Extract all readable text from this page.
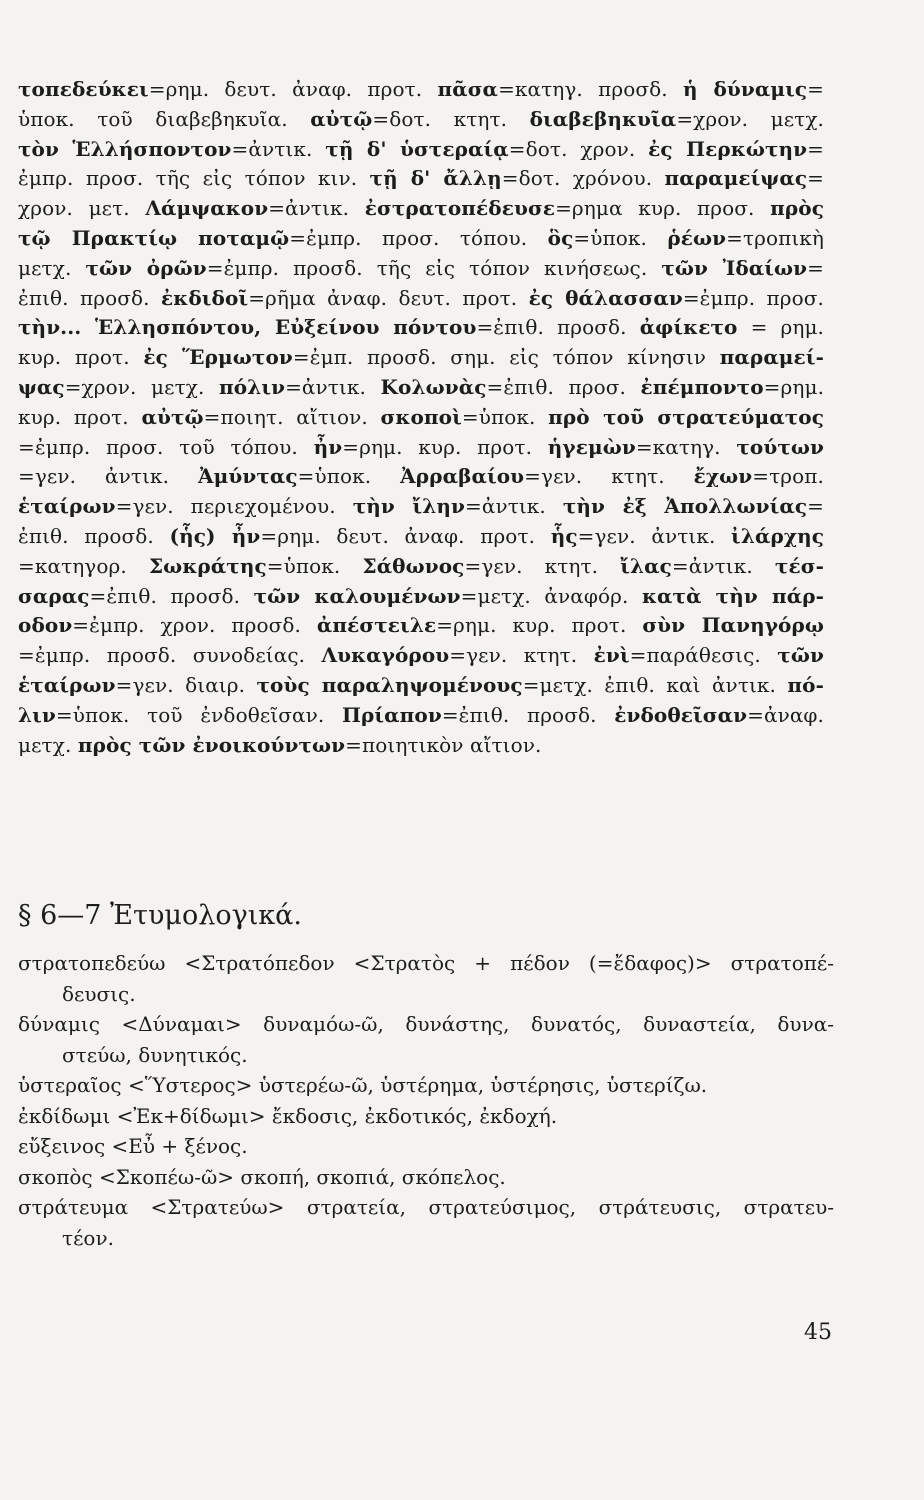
τοπεδεύκει=ρημ. δευτ. ἀναφ. προτ. πᾶσα=κατηγ. προσδ. ἡ δύναμις=
ὑποκ. τοῦ διαβεβηκυῖα. αὐτῷ=δοτ. κτητ. διαβεβηκυῖα=χρον. μετχ.
τὸν Ἑλλήσποντον=ἀντικ. τῇ δ' ὑστεραίᾳ=δοτ. χρον. ἐς Περκώτην=
ἐμπρ. προσ. τῆς εἰς τόπον κιν. τῇ δ' ἄλλῃ=δοτ. χρόνου. παραμείψας=
χρον. μετ. Λάμψακον=ἀντικ. ἐστρατοπέδευσε=ρημα κυρ. προσ. πρὸς
τῷ Πρακτίῳ ποταμῷ=ἐμπρ. προσ. τόπου. ὃς=ὑποκ. ῥέων=τροπικὴ
μετχ. τῶν ὀρῶν=ἐμπρ. προσδ. τῆς εἰς τόπον κινήσεως. τῶν Ἰδαίων=
ἐπιθ. προσδ. ἐκδιδοῖ=ρῆμα ἀναφ. δευτ. προτ. ἐς θάλασσαν=ἐμπρ. προσ.
τὴν... Ἑλλησπόντου, Εὐξείνου πόντου=ἐπιθ. προσδ. ἀφίκετο = ρημ.
κυρ. προτ. ἐς Ἕρμωτον=ἐμπ. προσδ. σημ. εἰς τόπον κίνησιν παραμεί-
ψας=χρον. μετχ. πόλιν=ἀντικ. Κολωνὰς=ἐπιθ. προσ. ἐπέμποντο=ρημ.
κυρ. προτ. αὐτῷ=ποιητ. αἴτιον. σκοποὶ=ὑποκ. πρὸ τοῦ στρατεύματος
=ἐμπρ. προσ. τοῦ τόπου. ἦν=ρημ. κυρ. προτ. ἡγεμὼν=κατηγ. τούτων
=γεν. ἀντικ. Ἀμύντας=ὑποκ. Ἀρραβαίου=γεν. κτητ. ἔχων=τροπ.
ἑταίρων=γεν. περιεχομένου. τὴν ἴλην=ἀντικ. τὴν ἐξ Ἀπολλωνίας=
ἐπιθ. προσδ. (ἧς) ἦν=ρημ. δευτ. ἀναφ. προτ. ἧς=γεν. ἀντικ. ἰλάρχης
=κατηγορ. Σωκράτης=ὑποκ. Σάθωνος=γεν. κτητ. ἴλας=ἀντικ. τέσ-
σαρας=ἐπιθ. προσδ. τῶν καλουμένων=μετχ. ἀναφόρ. κατὰ τὴν πάρ-
οδον=ἐμπρ. χρον. προσδ. ἀπέστειλε=ρημ. κυρ. προτ. σὺν Πανηγόρῳ
=ἐμπρ. προσδ. συνοδείας. Λυκαγόρου=γεν. κτητ. ἐνὶ=παράθεσις. τῶν
ἑταίρων=γεν. διαιρ. τοὺς παραληψομένους=μετχ. ἐπιθ. καὶ ἀντικ. πό-
λιν=ὑποκ. τοῦ ἐνδοθεῖσαν. Πρίαπον=ἐπιθ. προσδ. ἐνδοθεῖσαν=ἀναφ.
μετχ. πρὸς τῶν ἐνοικούντων=ποιητικὸν αἴτιον.
§ 6—7 Ἐτυμολογικά.
στρατοπεδεύω <Στρατόπεδον <Στρατὸς + πέδον (=ἔδαφος)> στρατοπέ-
δευσις.
δύναμις <Δύναμαι> δυναμόω-ῶ, δυνάστης, δυνατός, δυναστεία, δυνα-
στεύω, δυνητικός.
ὑστεραῖος <Ὕστερος> ὑστερέω-ῶ, ὑστέρημα, ὑστέρησις, ὑστερίζω.
ἐκδίδωμι <Ἐκ+δίδωμι> ἔκδοσις, ἐκδοτικός, ἐκδοχή.
εὔξεινος <Εὖ + ξένος.
σκοπὸς <Σκοπέω-ῶ> σκοπή, σκοπιά, σκόπελος.
στράτευμα <Στρατεύω> στρατεία, στρατεύσιμος, στράτευσις, στρατευ-
τέον.
45
